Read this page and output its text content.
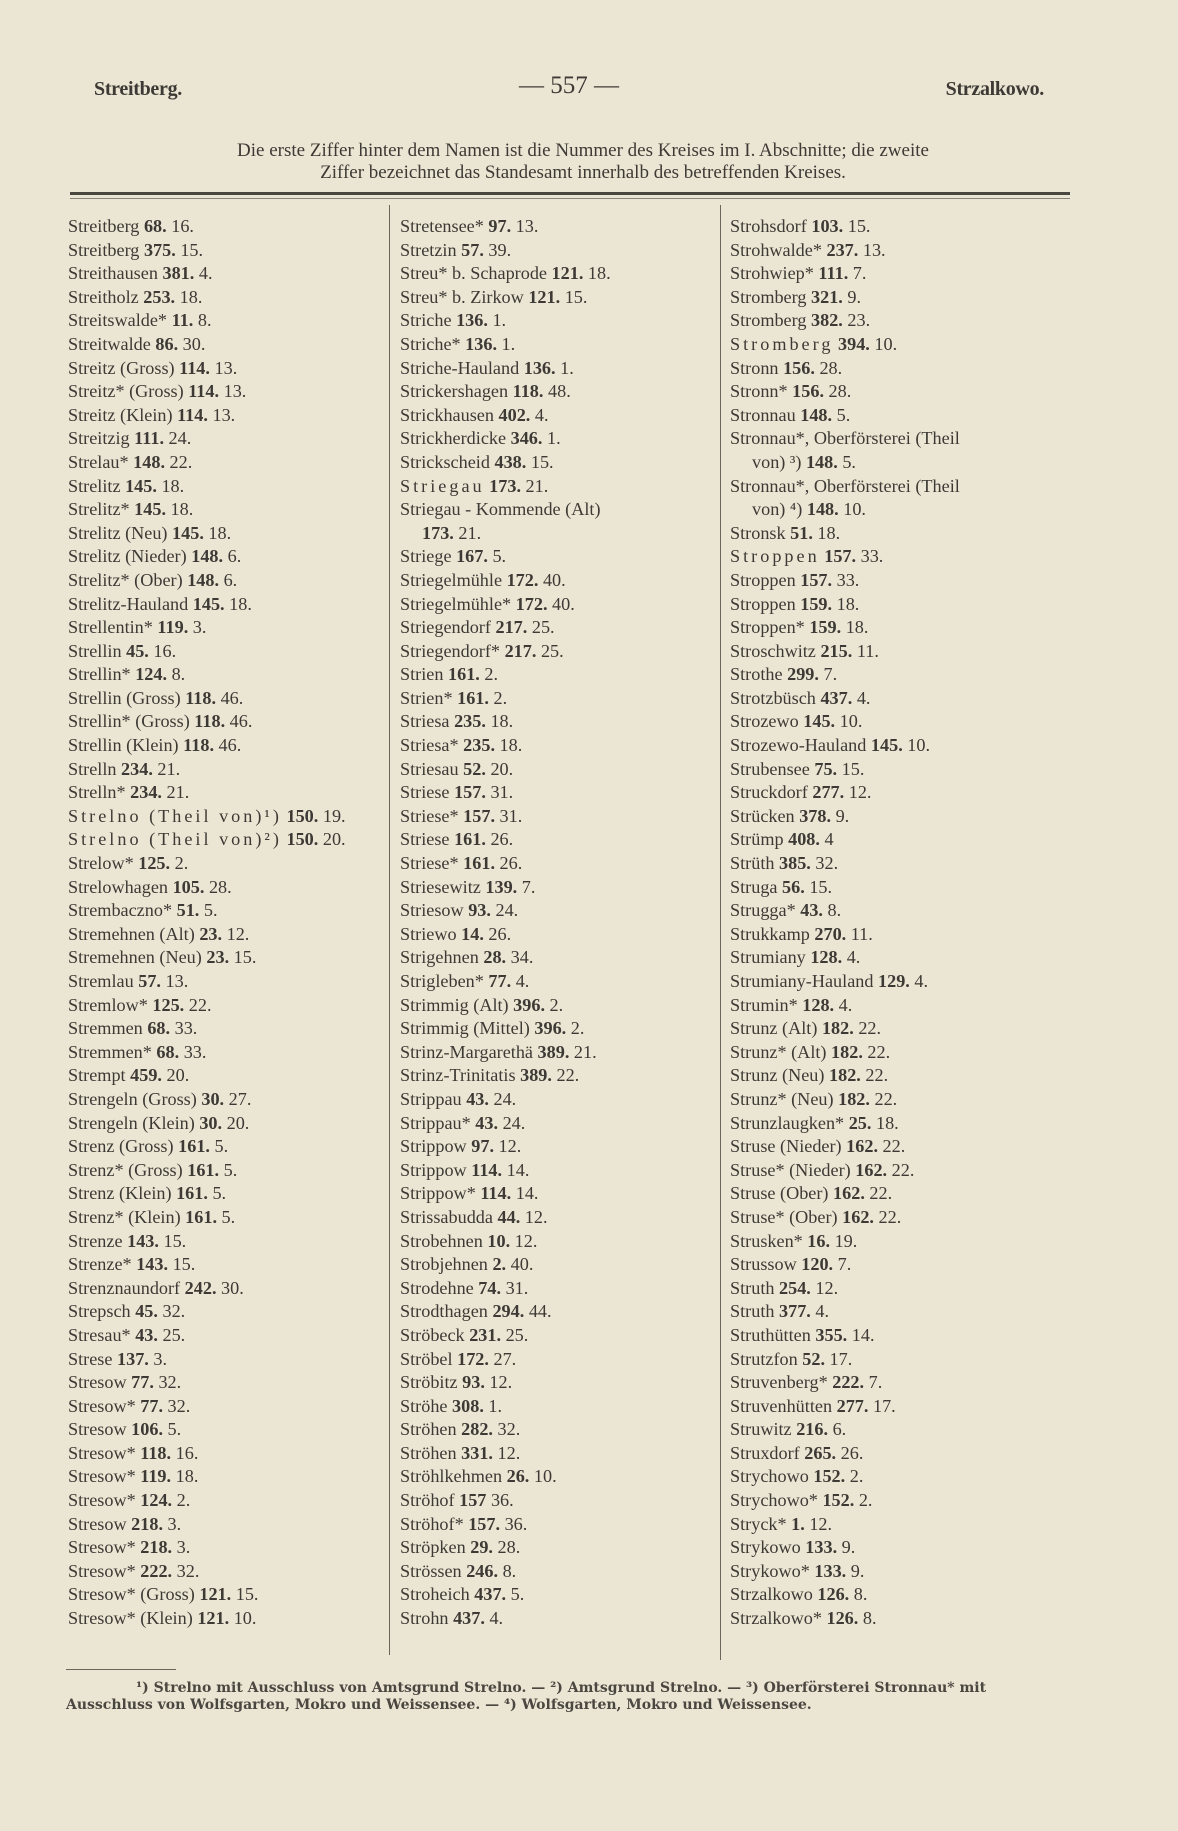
Streitberg.	— 557 —	Strzalkowo.
Die erste Ziffer hinter dem Namen ist die Nummer des Kreises im I. Abschnitte; die zweite
Ziffer bezeichnet das Standesamt innerhalb des betreffenden Kreises.
Streitberg 68. 16.
Streitberg 375. 15.
Streithausen 381. 4.
Streitholz 253. 18.
Streitswalde* 11. 8.
Streitwalde 86. 30.
Streitz (Gross) 114. 13.
Streitz* (Gross) 114. 13.
Streitz (Klein) 114. 13.
Streitzig 111. 24.
Strelau* 148. 22.
Strelitz 145. 18.
Strelitz* 145. 18.
Strelitz (Neu) 145. 18.
Strelitz (Nieder) 148. 6.
Strelitz* (Ober) 148. 6.
Strelitz-Hauland 145. 18.
Strellentin* 119. 3.
Strellin 45. 16.
Strellin* 124. 8.
Strellin (Gross) 118. 46.
Strellin* (Gross) 118. 46.
Strellin (Klein) 118. 46.
Strelln 234. 21.
Strelln* 234. 21.
Strelno (Theil von)¹) 150. 19.
Strelno (Theil von)²) 150. 20.
Strelow* 125. 2.
Strelowhagen 105. 28.
Strembaczno* 51. 5.
Stremehnen (Alt) 23. 12.
Stremehnen (Neu) 23. 15.
Stremlau 57. 13.
Stremlow* 125. 22.
Stremmen 68. 33.
Stremmen* 68. 33.
Strempt 459. 20.
Strengeln (Gross) 30. 27.
Strengeln (Klein) 30. 20.
Strenz (Gross) 161. 5.
Strenz* (Gross) 161. 5.
Strenz (Klein) 161. 5.
Strenz* (Klein) 161. 5.
Strenze 143. 15.
Strenze* 143. 15.
Strenznaundorf 242. 30.
Strepsch 45. 32.
Stresau* 43. 25.
Strese 137. 3.
Stresow 77. 32.
Stresow* 77. 32.
Stresow 106. 5.
Stresow* 118. 16.
Stresow* 119. 18.
Stresow* 124. 2.
Stresow 218. 3.
Stresow* 218. 3.
Stresow* 222. 32.
Stresow* (Gross) 121. 15.
Stresow* (Klein) 121. 10.
Stretensee* 97. 13.
Stretzin 57. 39.
Streu* b. Schaprode 121. 18.
Streu* b. Zirkow 121. 15.
Striche 136. 1.
Striche* 136. 1.
Striche-Hauland 136. 1.
Strickershagen 118. 48.
Strickhausen 402. 4.
Strickherdicke 346. 1.
Strickscheid 438. 15.
Striegau 173. 21.
Striegau - Kommende (Alt)
173. 21.
Striege 167. 5.
Striegelmühle 172. 40.
Striegelmühle* 172. 40.
Striegendorf 217. 25.
Striegendorf* 217. 25.
Strien 161. 2.
Strien* 161. 2.
Striesa 235. 18.
Striesa* 235. 18.
Striesau 52. 20.
Striese 157. 31.
Striese* 157. 31.
Striese 161. 26.
Striese* 161. 26.
Striesewitz 139. 7.
Striesow 93. 24.
Striewo 14. 26.
Strigehnen 28. 34.
Strigleben* 77. 4.
Strimmig (Alt) 396. 2.
Strimmig (Mittel) 396. 2.
Strinz-Margarethä 389. 21.
Strinz-Trinitatis 389. 22.
Strippau 43. 24.
Strippau* 43. 24.
Strippow 97. 12.
Strippow 114. 14.
Strippow* 114. 14.
Strissabudda 44. 12.
Strobehnen 10. 12.
Strobjehnen 2. 40.
Strodehne 74. 31.
Strodthagen 294. 44.
Ströbeck 231. 25.
Ströbel 172. 27.
Ströbitz 93. 12.
Ströhe 308. 1.
Ströhen 282. 32.
Ströhen 331. 12.
Ströhlkehmen 26. 10.
Ströhof 157 36.
Ströhof* 157. 36.
Ströpken 29. 28.
Strössen 246. 8.
Stroheich 437. 5.
Strohn 437. 4.
Strohsdorf 103. 15.
Strohwalde* 237. 13.
Strohwiep* 111. 7.
Stromberg 321. 9.
Stromberg 382. 23.
Stromberg 394. 10.
Stronn 156. 28.
Stronn* 156. 28.
Stronnau 148. 5.
Stronnau*, Oberförsterei (Theil
von) ³) 148. 5.
Stronnau*, Oberförsterei (Theil
von) ⁴) 148. 10.
Stronsk 51. 18.
Stroppen 157. 33.
Stroppen 157. 33.
Stroppen 159. 18.
Stroppen* 159. 18.
Stroschwitz 215. 11.
Strothe 299. 7.
Strotzbüsch 437. 4.
Strozewo 145. 10.
Strozewo-Hauland 145. 10.
Strubensee 75. 15.
Struckdorf 277. 12.
Strücken 378. 9.
Strümp 408. 4
Strüth 385. 32.
Struga 56. 15.
Strugga* 43. 8.
Strukkamp 270. 11.
Strumiany 128. 4.
Strumiany-Hauland 129. 4.
Strumin* 128. 4.
Strunz (Alt) 182. 22.
Strunz* (Alt) 182. 22.
Strunz (Neu) 182. 22.
Strunz* (Neu) 182. 22.
Strunzlaugken* 25. 18.
Struse (Nieder) 162. 22.
Struse* (Nieder) 162. 22.
Struse (Ober) 162. 22.
Struse* (Ober) 162. 22.
Strusken* 16. 19.
Strussow 120. 7.
Struth 254. 12.
Struth 377. 4.
Struthütten 355. 14.
Strutzfon 52. 17.
Struvenberg* 222. 7.
Struvenhütten 277. 17.
Struwitz 216. 6.
Struxdorf 265. 26.
Strychowo 152. 2.
Strychowo* 152. 2.
Stryck* 1. 12.
Strykowo 133. 9.
Strykowo* 133. 9.
Strzalkowo 126. 8.
Strzalkowo* 126. 8.
¹) Strelno mit Ausschluss von Amtsgrund Strelno. — ²) Amtsgrund Strelno. — ³) Oberförsterei Stronnau* mit
Ausschluss von Wolfsgarten, Mokro und Weissensee. — ⁴) Wolfsgarten, Mokro und Weissensee.
